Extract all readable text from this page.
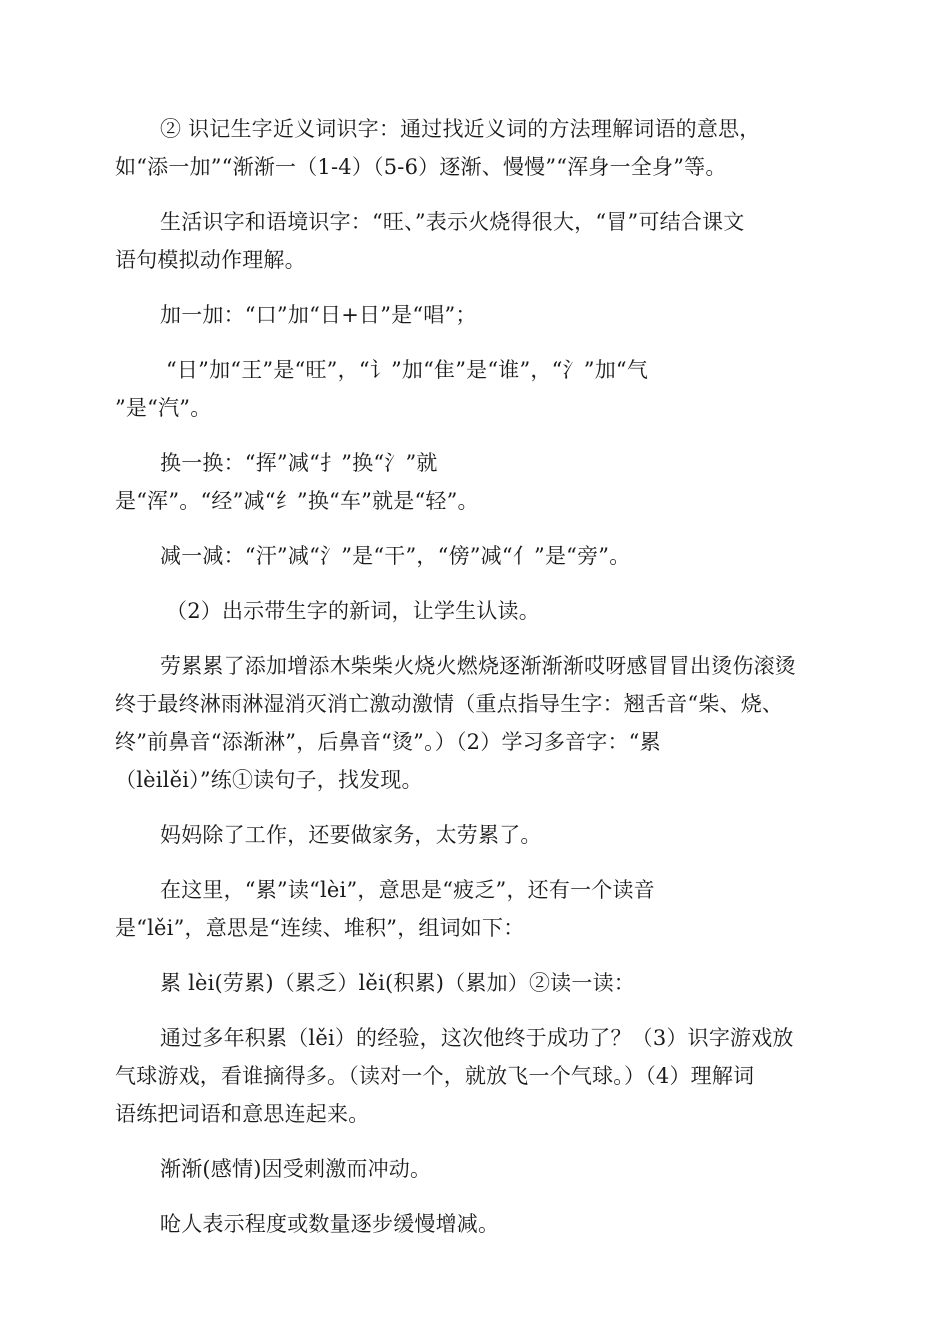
② 识记生字近义词识字：通过找近义词的方法理解词语的意思，
如“添一加”“渐渐一（1-4）（5-6）逐渐、慢慢”“浑身一全身”等。
生活识字和语境识字：“旺、”表示火烧得很大，“冒”可结合课文
语句模拟动作理解。
加一加：“口”加“日+日”是“唱”；
“日”加“王”是“旺”，“讠”加“隹”是“谁”，“氵”加“气
”是“汽”。
换一换：“挥”减“扌”换“氵”就
是“浑”。“经”减“纟”换“车”就是“轻”。
减一减：“汗”减“氵”是“干”，“傍”减“亻”是“旁”。
（2）出示带生字的新词，让学生认读。
劳累累了添加增添木柴柴火烧火燃烧逐渐渐渐哎呀感冒冒出烫伤滚烫
终于最终淋雨淋湿消灭消亡激动激情（重点指导生字：翘舌音“柴、烧、
终”前鼻音“添渐淋”，后鼻音“烫”。）（2）学习多音字：“累
（lèilěi）”练①读句子，找发现。
妈妈除了工作，还要做家务，太劳累了。
在这里，“累”读“lèi”，意思是“疲乏”，还有一个读音
是“lěi”，意思是“连续、堆积”，组词如下：
累 lèi(劳累)（累乏）lěi(积累)（累加）②读一读：
通过多年积累（lěi）的经验，这次他终于成功了？（3）识字游戏放
气球游戏，看谁摘得多。（读对一个，就放飞一个气球。）（4）理解词
语练把词语和意思连起来。
渐渐(感情)因受刺激而冲动。
呛人表示程度或数量逐步缓慢增减。
